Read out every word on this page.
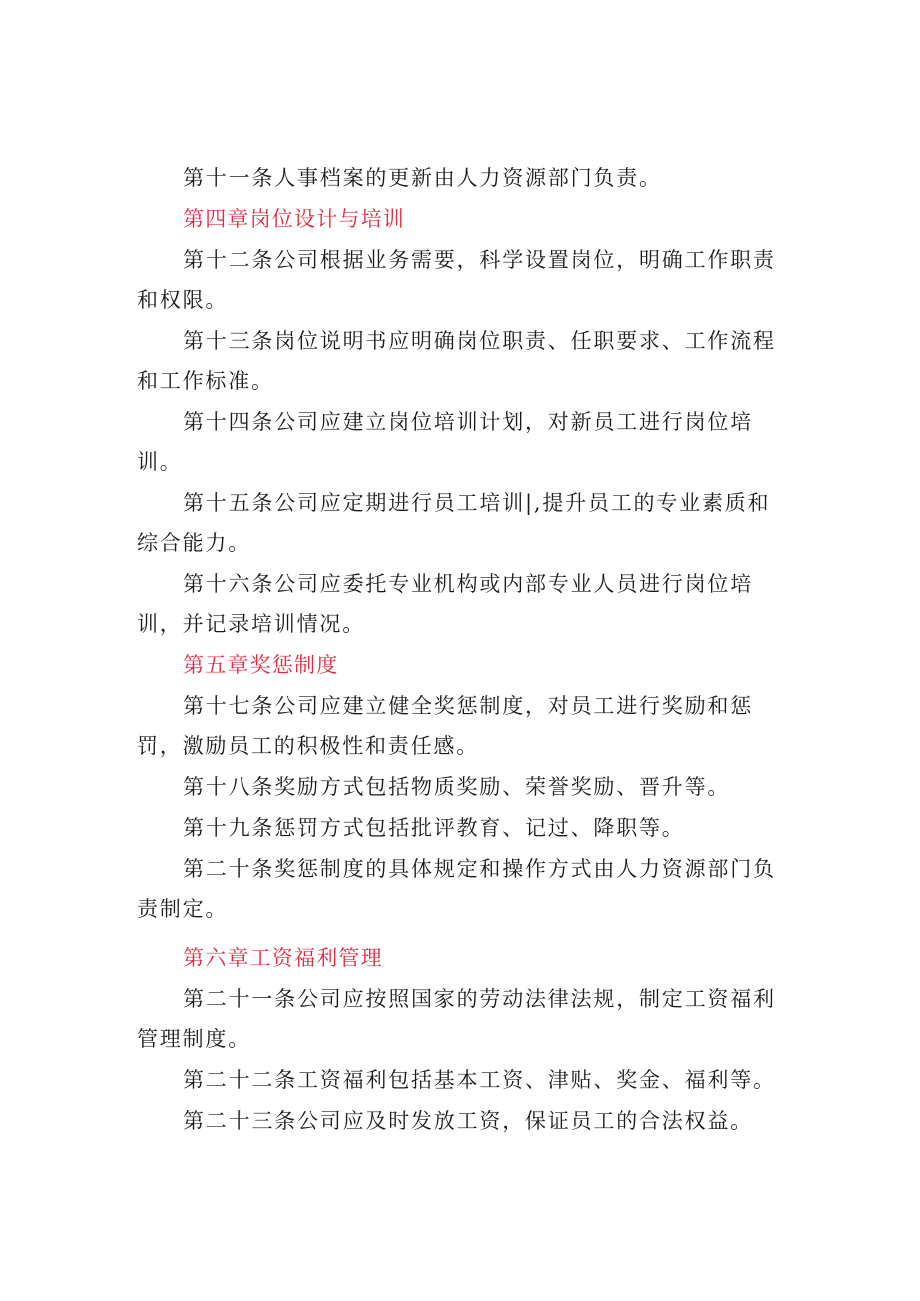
第十一条人事档案的更新由人力资源部门负责。

第四章岗位设计与培训

第十二条公司根据业务需要，科学设置岗位，明确工作职责和权限。

第十三条岗位说明书应明确岗位职责、任职要求、工作流程和工作标准。

第十四条公司应建立岗位培训计划，对新员工进行岗位培训。

第十五条公司应定期进行员工培训|,提升员工的专业素质和综合能力。

第十六条公司应委托专业机构或内部专业人员进行岗位培训，并记录培训情况。

第五章奖惩制度

第十七条公司应建立健全奖惩制度，对员工进行奖励和惩罚，激励员工的积极性和责任感。

第十八条奖励方式包括物质奖励、荣誉奖励、晋升等。

第十九条惩罚方式包括批评教育、记过、降职等。

第二十条奖惩制度的具体规定和操作方式由人力资源部门负责制定。

第六章工资福利管理

第二十一条公司应按照国家的劳动法律法规，制定工资福利管理制度。

第二十二条工资福利包括基本工资、津贴、奖金、福利等。

第二十三条公司应及时发放工资，保证员工的合法权益。
